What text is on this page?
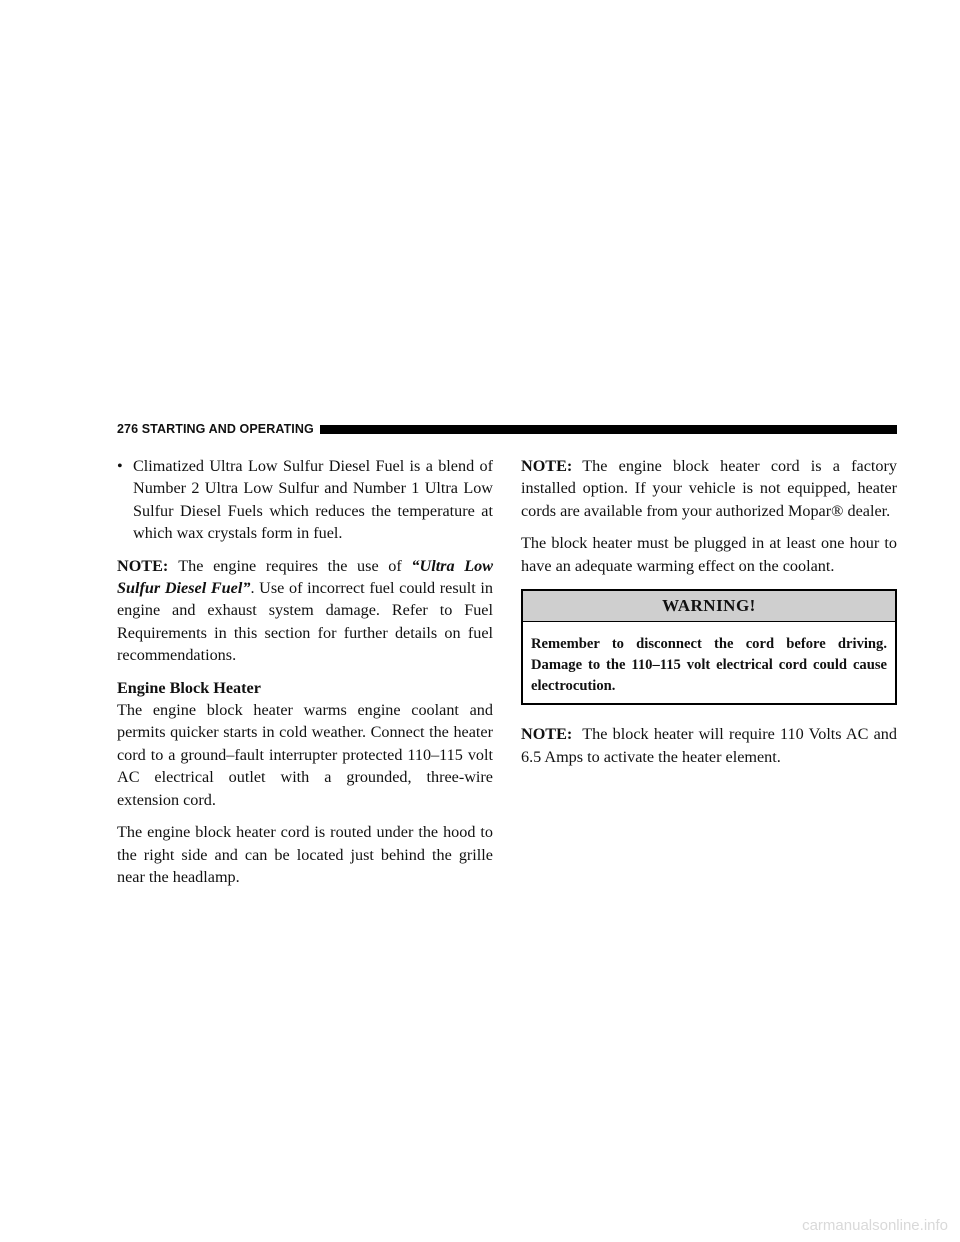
276 STARTING AND OPERATING
• Climatized Ultra Low Sulfur Diesel Fuel is a blend of Number 2 Ultra Low Sulfur and Number 1 Ultra Low Sulfur Diesel Fuels which reduces the temperature at which wax crystals form in fuel.

NOTE: The engine requires the use of “Ultra Low Sulfur Diesel Fuel”. Use of incorrect fuel could result in engine and exhaust system damage. Refer to Fuel Requirements in this section for further details on fuel recommendations.

Engine Block Heater

The engine block heater warms engine coolant and permits quicker starts in cold weather. Connect the heater cord to a ground–fault interrupter protected 110–115 volt AC electrical outlet with a grounded, three-wire extension cord.

The engine block heater cord is routed under the hood to the right side and can be located just behind the grille near the headlamp.

NOTE: The engine block heater cord is a factory installed option. If your vehicle is not equipped, heater cords are available from your authorized Mopar® dealer.

The block heater must be plugged in at least one hour to have an adequate warming effect on the coolant.

WARNING!
Remember to disconnect the cord before driving. Damage to the 110–115 volt electrical cord could cause electrocution.

NOTE: The block heater will require 110 Volts AC and 6.5 Amps to activate the heater element.

carmanualsonline.info
